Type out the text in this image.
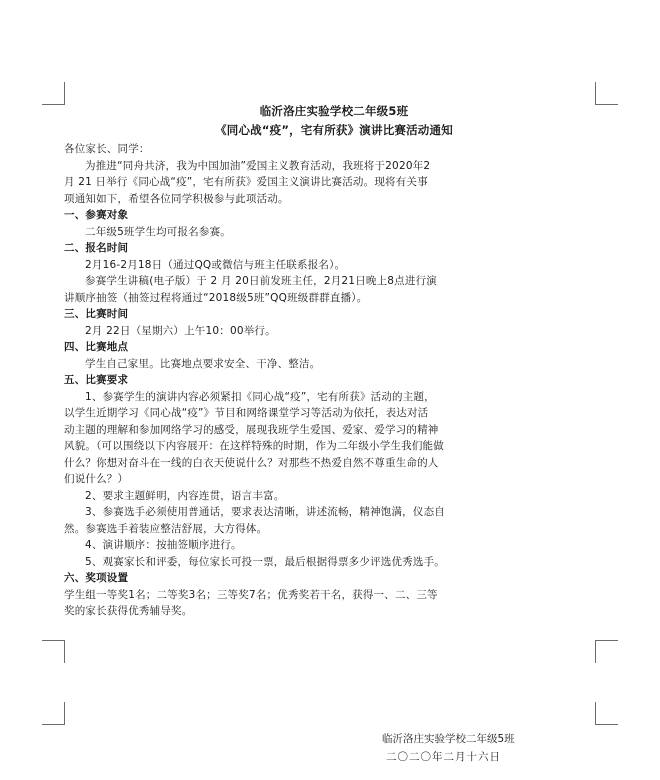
临沂洛庄实验学校二年级5班
《同心战“疫”，宅有所获》演讲比赛活动通知

各位家长、同学：

为推进“同舟共济，我为中国加油”爱国主义教育活动，我班将于2020年2

月 21 日举行《同心战“疫”，宅有所获》爱国主义演讲比赛活动。现将有关事

项通知如下，希望各位同学积极参与此项活动。

一、参赛对象

二年级5班学生均可报名参赛。

二、报名时间

2月16-2月18日（通过QQ或微信与班主任联系报名）。

参赛学生讲稿(电子版）于 2 月 20日前发班主任，2月21日晚上8点进行演

讲顺序抽签（抽签过程将通过“2018级5班”QQ班级群群直播）。

三、比赛时间

2月 22日（星期六）上午10：00举行。

四、比赛地点

学生自己家里。比赛地点要求安全、干净、整洁。

五、比赛要求

1、参赛学生的演讲内容必须紧扣《同心战“疫”，宅有所获》活动的主题，

以学生近期学习《同心战“疫”》节目和网络课堂学习等活动为依托，表达对活

动主题的理解和参加网络学习的感受，展现我班学生爱国、爱家、爱学习的精神

风貌。（可以围绕以下内容展开：在这样特殊的时期，作为二年级小学生我们能做

什么？你想对奋斗在一线的白衣天使说什么？对那些不热爱自然不尊重生命的人

们说什么？）

2、要求主题鲜明，内容连贯，语言丰富。

3、参赛选手必须使用普通话，要求表达清晰，讲述流畅，精神饱满，仪态自

然。参赛选手着装应整洁舒展，大方得体。

4、演讲顺序：按抽签顺序进行。

5、观赛家长和评委，每位家长可投一票，最后根据得票多少评选优秀选手。

六、奖项设置

学生组一等奖1名；二等奖3名；三等奖7名；优秀奖若干名，获得一、二、三等

奖的家长获得优秀辅导奖。

临沂洛庄实验学校二年级5班
二〇二〇年二月十六日
